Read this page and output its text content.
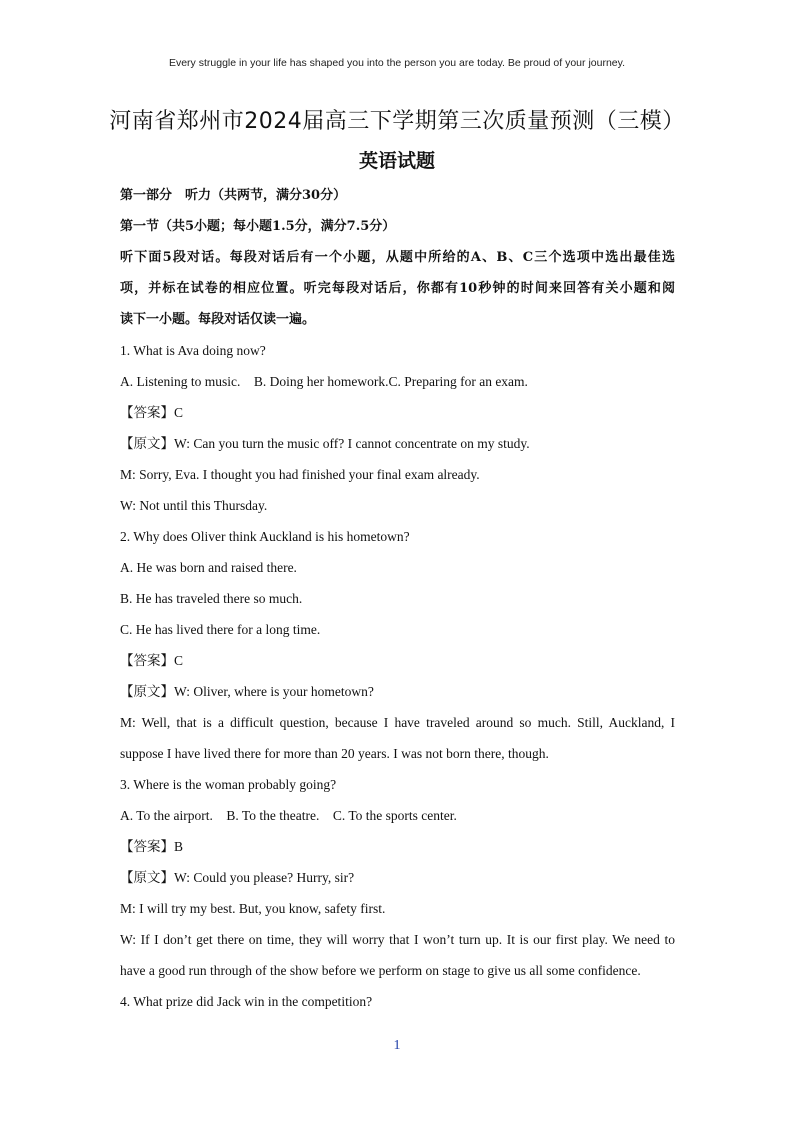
Every struggle in your life has shaped you into the person you are today. Be proud of your journey.
河南省郑州市2024届高三下学期第三次质量预测（三模）
英语试题
第一部分　听力（共两节，满分30分）
第一节（共5小题；每小题1.5分，满分7.5分）
听下面5段对话。每段对话后有一个小题，从题中所给的A、B、C三个选项中选出最佳选
项，并标在试卷的相应位置。听完每段对话后，你都有10秒钟的时间来回答有关小题和阅
读下一小题。每段对话仅读一遍。
1. What is Ava doing now?
A. Listening to music.　B. Doing her homework.C. Preparing for an exam.
【答案】C
【原文】W: Can you turn the music off? I cannot concentrate on my study.
M: Sorry, Eva. I thought you had finished your final exam already.
W: Not until this Thursday.
2. Why does Oliver think Auckland is his hometown?
A. He was born and raised there.
B. He has traveled there so much.
C. He has lived there for a long time.
【答案】C
【原文】W: Oliver, where is your hometown?
M: Well, that is a difficult question, because I have traveled around so much. Still, Auckland, I
suppose I have lived there for more than 20 years. I was not born there, though.
3. Where is the woman probably going?
A. To the airport.　B. To the theatre.　C. To the sports center.
【答案】B
【原文】W: Could you please? Hurry, sir?
M: I will try my best. But, you know, safety first.
W: If I don’t get there on time, they will worry that I won’t turn up. It is our first play. We need to
have a good run through of the show before we perform on stage to give us all some confidence.
4. What prize did Jack win in the competition?
1
